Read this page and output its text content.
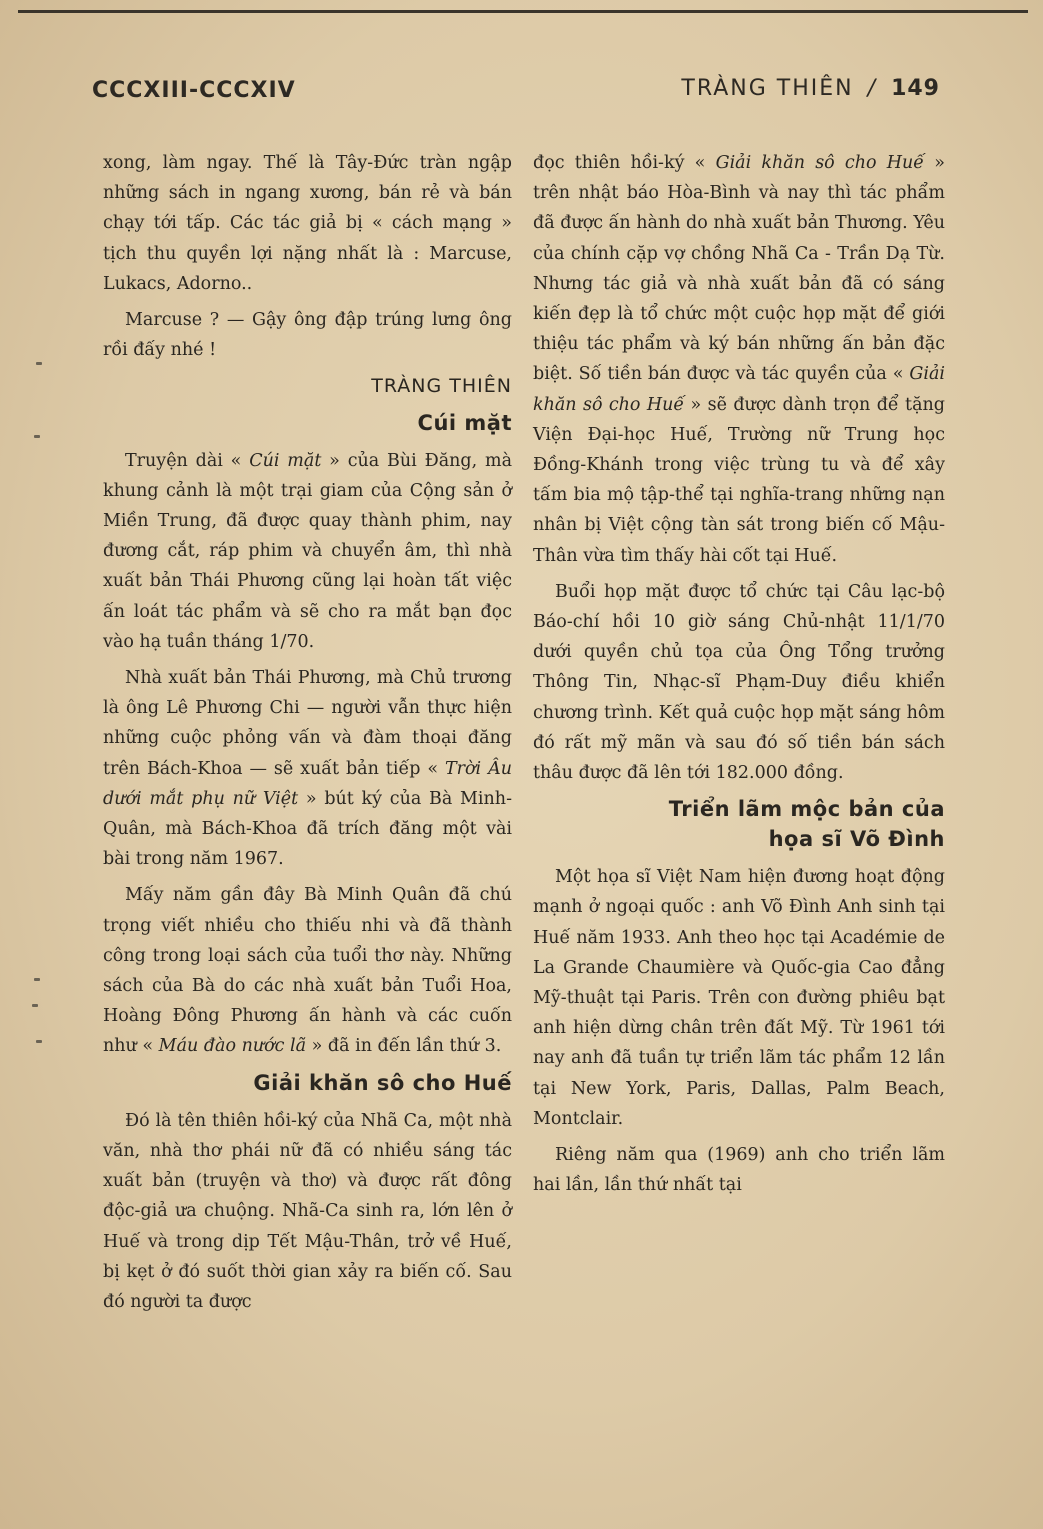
CCCXIII-CCCXIV	TRÀNG THIÊN / 149

xong, làm ngay. Thế là Tây-Đức tràn ngập những sách in ngang xương, bán rẻ và bán chạy tới tấp. Các tác giả bị « cách mạng » tịch thu quyền lợi nặng nhất là : Marcuse, Lukacs, Adorno..

Marcuse ? — Gậy ông đập trúng lưng ông rồi đấy nhé !

TRÀNG THIÊN
Cúi mặt

Truyện dài « Cúi mặt » của Bùi Đăng, mà khung cảnh là một trại giam của Cộng sản ở Miền Trung, đã được quay thành phim, nay đương cắt, ráp phim và chuyển âm, thì nhà xuất bản Thái Phương cũng lại hoàn tất việc ấn loát tác phẩm và sẽ cho ra mắt bạn đọc vào hạ tuần tháng 1/70.

Nhà xuất bản Thái Phương, mà Chủ trương là ông Lê Phương Chi — người vẫn thực hiện những cuộc phỏng vấn và đàm thoại đăng trên Bách-Khoa — sẽ xuất bản tiếp « Trời Âu dưới mắt phụ nữ Việt » bút ký của Bà Minh-Quân, mà Bách-Khoa đã trích đăng một vài bài trong năm 1967.

Mấy năm gần đây Bà Minh Quân đã chú trọng viết nhiều cho thiếu nhi và đã thành công trong loại sách của tuổi thơ này. Những sách của Bà do các nhà xuất bản Tuổi Hoa, Hoàng Đông Phương ấn hành và các cuốn như « Máu đào nước lã » đã in đến lần thứ 3.

Giải khăn sô cho Huế

Đó là tên thiên hồi-ký của Nhã Ca, một nhà văn, nhà thơ phái nữ đã có nhiều sáng tác xuất bản (truyện và thơ) và được rất đông độc-giả ưa chuộng. Nhã-Ca sinh ra, lớn lên ở Huế và trong dịp Tết Mậu-Thân, trở về Huế, bị kẹt ở đó suốt thời gian xảy ra biến cố. Sau đó người ta được

đọc thiên hồi-ký « Giải khăn sô cho Huế » trên nhật báo Hòa-Bình và nay thì tác phẩm đã được ấn hành do nhà xuất bản Thương. Yêu của chính cặp vợ chồng Nhã Ca - Trần Dạ Từ. Nhưng tác giả và nhà xuất bản đã có sáng kiến đẹp là tổ chức một cuộc họp mặt để giới thiệu tác phẩm và ký bán những ấn bản đặc biệt. Số tiền bán được và tác quyền của « Giải khăn sô cho Huế » sẽ được dành trọn để tặng Viện Đại-học Huế, Trường nữ Trung học Đồng-Khánh trong việc trùng tu và để xây tấm bia mộ tập-thể tại nghĩa-trang những nạn nhân bị Việt cộng tàn sát trong biến cố Mậu-Thân vừa tìm thấy hài cốt tại Huế.

Buổi họp mặt được tổ chức tại Câu lạc-bộ Báo-chí hồi 10 giờ sáng Chủ-nhật 11/1/70 dưới quyền chủ tọa của Ông Tổng trưởng Thông Tin, Nhạc-sĩ Phạm-Duy điều khiển chương trình. Kết quả cuộc họp mặt sáng hôm đó rất mỹ mãn và sau đó số tiền bán sách thâu được đã lên tới 182.000 đồng.

Triển lãm mộc bản của
họa sĩ Võ Đình

Một họa sĩ Việt Nam hiện đương hoạt động mạnh ở ngoại quốc : anh Võ Đình Anh sinh tại Huế năm 1933. Anh theo học tại Académie de La Grande Chaumière và Quốc-gia Cao đẳng Mỹ-thuật tại Paris. Trên con đường phiêu bạt anh hiện dừng chân trên đất Mỹ. Từ 1961 tới nay anh đã tuần tự triển lãm tác phẩm 12 lần tại New York, Paris, Dallas, Palm Beach, Montclair.

Riêng năm qua (1969) anh cho triển lãm hai lần, lần thứ nhất tại
